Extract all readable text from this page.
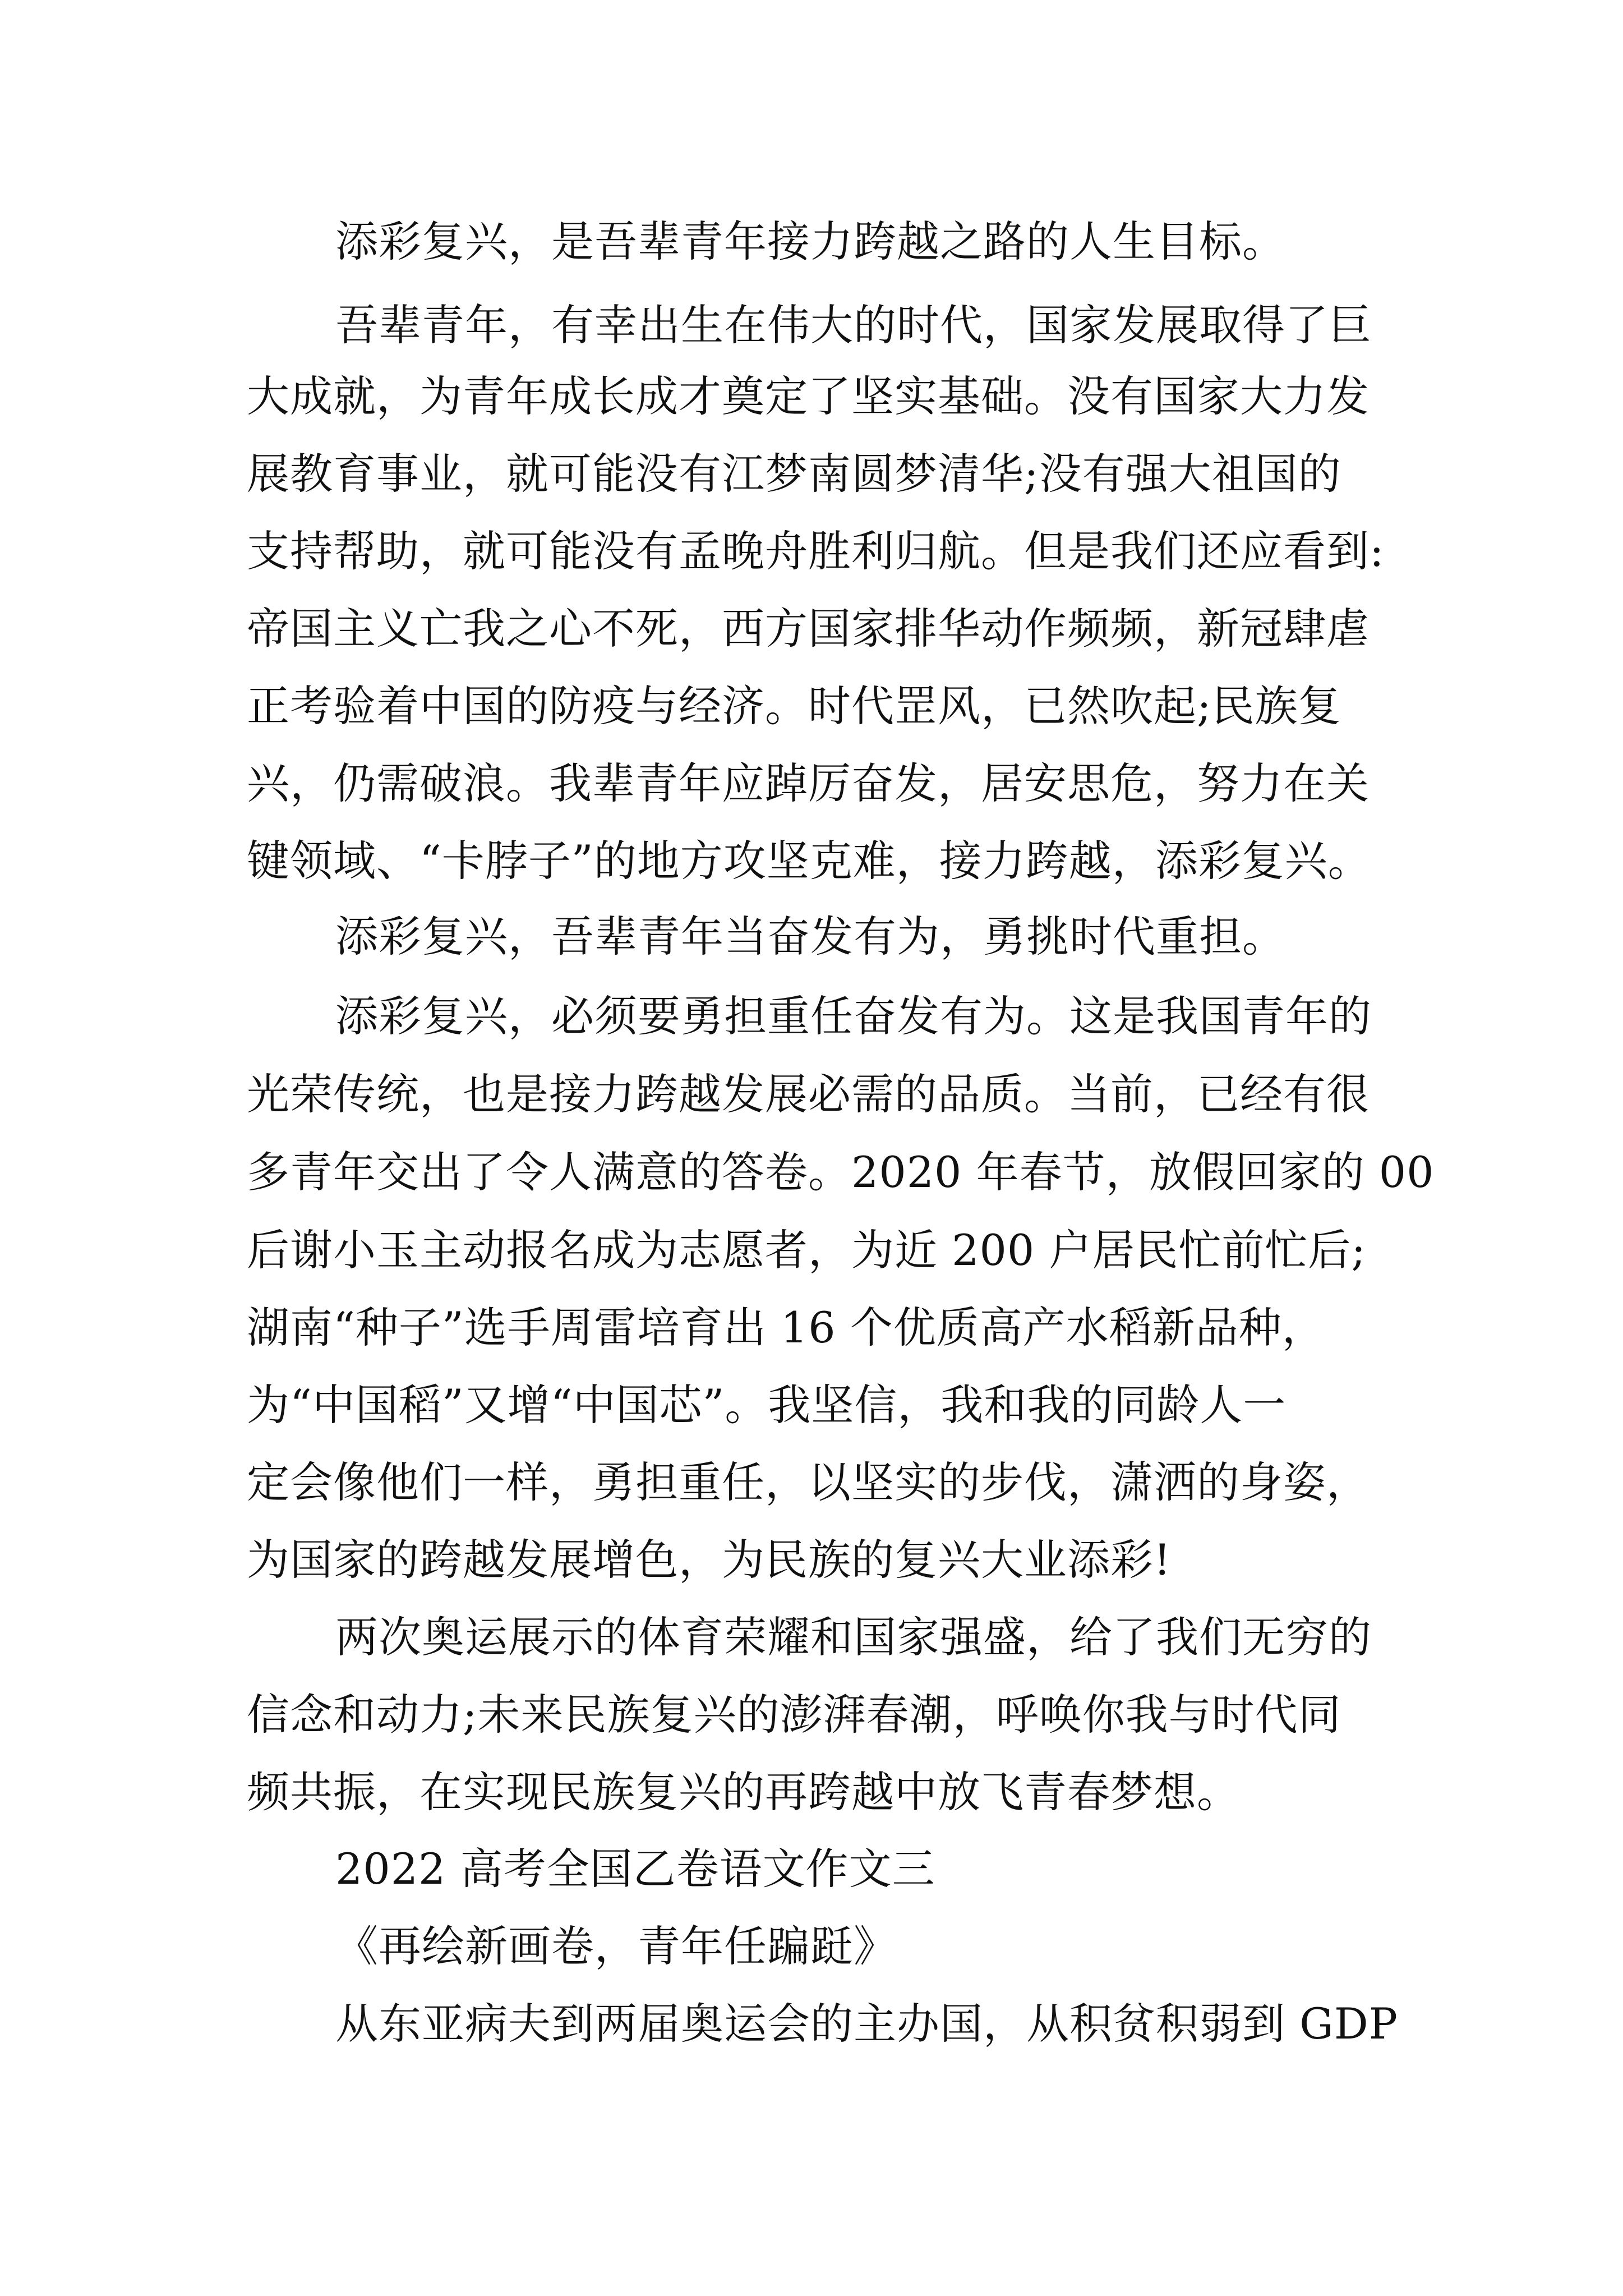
添彩复兴，是吾辈青年接力跨越之路的人生目标。
吾辈青年，有幸出生在伟大的时代，国家发展取得了巨
大成就，为青年成长成才奠定了坚实基础。没有国家大力发
展教育事业，就可能没有江梦南圆梦清华;没有强大祖国的
支持帮助，就可能没有孟晚舟胜利归航。但是我们还应看到:
帝国主义亡我之心不死，西方国家排华动作频频，新冠肆虐
正考验着中国的防疫与经济。时代罡风，已然吹起;民族复
兴，仍需破浪。我辈青年应踔厉奋发，居安思危，努力在关
键领域、“卡脖子”的地方攻坚克难，接力跨越，添彩复兴。
添彩复兴，吾辈青年当奋发有为，勇挑时代重担。
添彩复兴，必须要勇担重任奋发有为。这是我国青年的
光荣传统，也是接力跨越发展必需的品质。当前，已经有很
多青年交出了令人满意的答卷。2020 年春节，放假回家的 00
后谢小玉主动报名成为志愿者，为近 200 户居民忙前忙后;
湖南“种子”选手周雷培育出 16 个优质高产水稻新品种，
为“中国稻”又增“中国芯”。我坚信，我和我的同龄人一
定会像他们一样，勇担重任，以坚实的步伐，潇洒的身姿，
为国家的跨越发展增色，为民族的复兴大业添彩!
两次奥运展示的体育荣耀和国家强盛，给了我们无穷的
信念和动力;未来民族复兴的澎湃春潮，呼唤你我与时代同
频共振，在实现民族复兴的再跨越中放飞青春梦想。
2022 高考全国乙卷语文作文三
《再绘新画卷，青年任蹁跹》
从东亚病夫到两届奥运会的主办国，从积贫积弱到 GDP
